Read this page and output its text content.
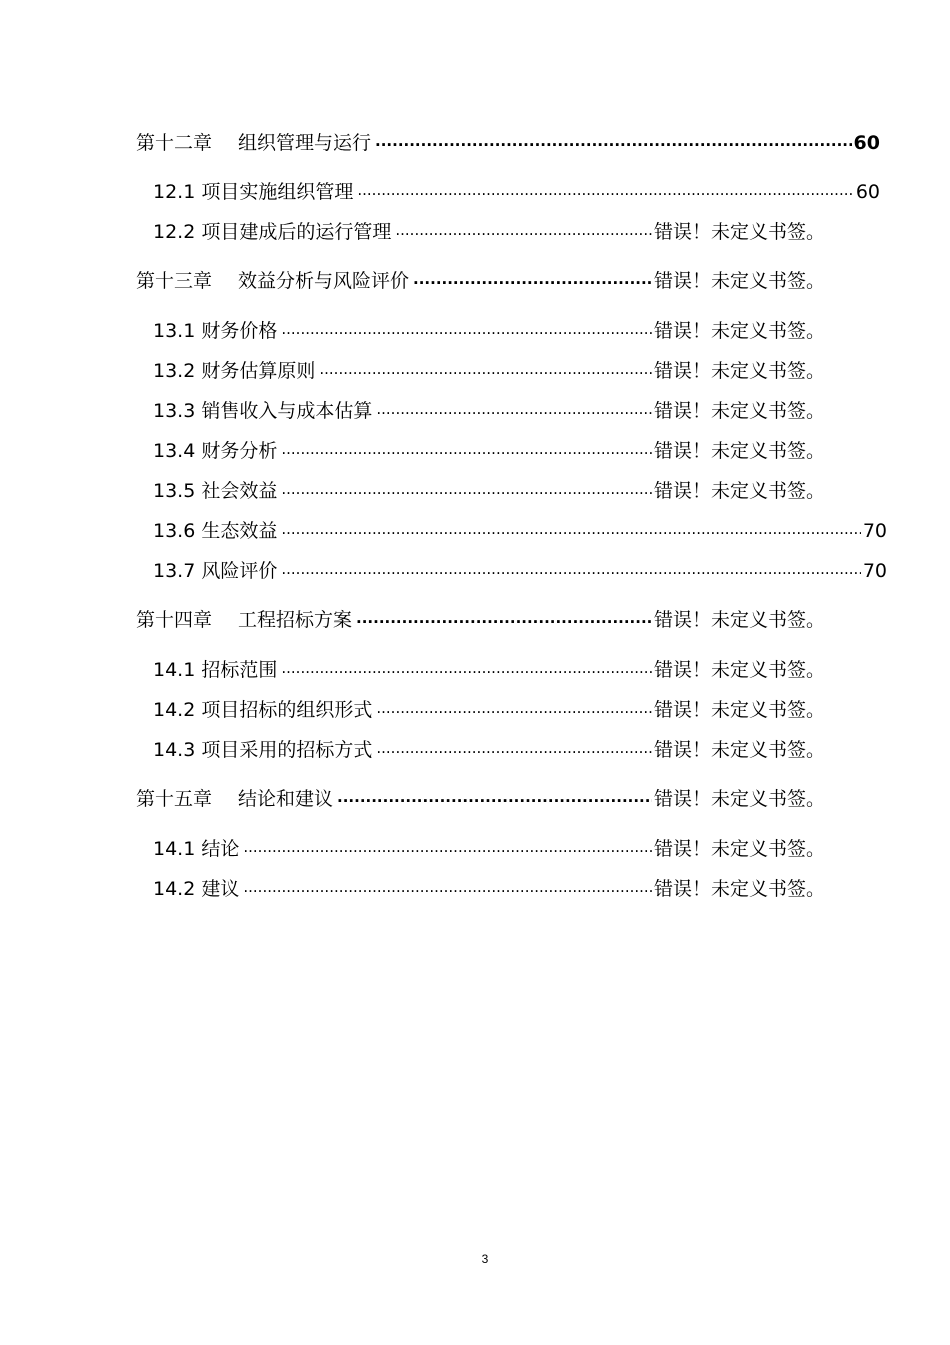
第十二章 组织管理与运行 .....	60
12.1 项目实施组织管理 .....	60
12.2 项目建成后的运行管理 .....	错误！未定义书签。
第十三章 效益分析与风险评价 .....	错误！未定义书签。
13.1 财务价格 .....	错误！未定义书签。
13.2 财务估算原则 .....	错误！未定义书签。
13.3 销售收入与成本估算 .....	错误！未定义书签。
13.4 财务分析 .....	错误！未定义书签。
13.5 社会效益 .....	错误！未定义书签。
13.6 生态效益 .....	70
13.7 风险评价 .....	70
第十四章 工程招标方案 .....	错误！未定义书签。
14.1 招标范围 .....	错误！未定义书签。
14.2 项目招标的组织形式 .....	错误！未定义书签。
14.3 项目采用的招标方式 .....	错误！未定义书签。
第十五章 结论和建议 .....	错误！未定义书签。
14.1 结论 .....	错误！未定义书签。
14.2 建议 .....	错误！未定义书签。
3
